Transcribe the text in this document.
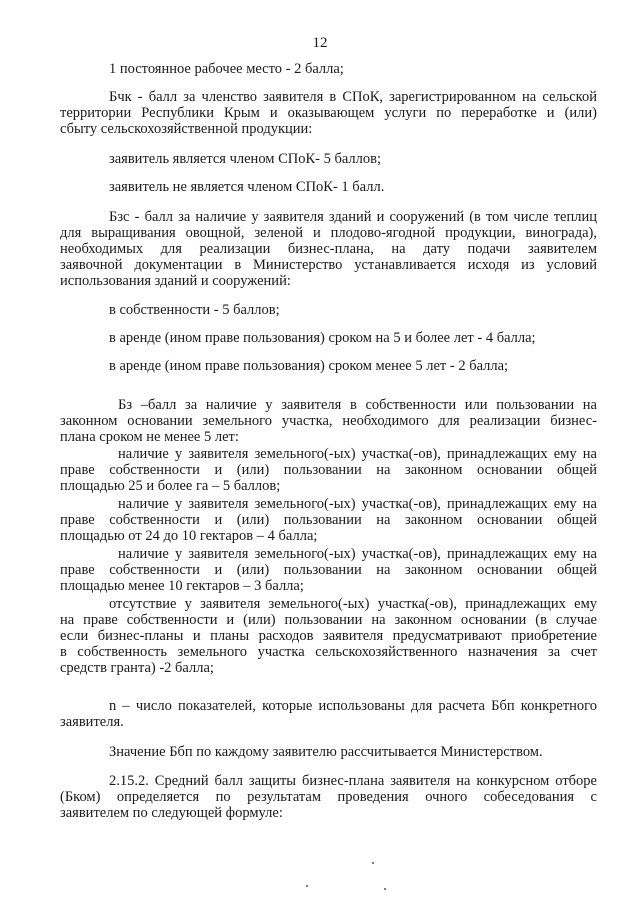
12
1 постоянное рабочее место - 2 балла;
Бчк - балл за членство заявителя в СПоК, зарегистрированном на сельской
территории Республики Крым и оказывающем услуги по переработке и (или)
сбыту сельскохозяйственной продукции:
заявитель является членом СПоК- 5 баллов;
заявитель не является членом СПоК- 1 балл.
Бзс - балл за наличие у заявителя зданий и сооружений (в том числе теплиц
для выращивания овощной, зеленой и плодово-ягодной продукции, винограда),
необходимых для реализации бизнес-плана, на дату подачи заявителем
заявочной документации в Министерство устанавливается исходя из условий
использования зданий и сооружений:
в собственности - 5 баллов;
в аренде (ином праве пользования) сроком на 5 и более лет - 4 балла;
в аренде (ином праве пользования) сроком менее 5 лет - 2 балла;
Бз –балл за наличие у заявителя в собственности или пользовании на
законном основании земельного участка, необходимого для реализации бизнес-
плана сроком не менее 5 лет:
наличие у заявителя земельного(-ых) участка(-ов), принадлежащих ему на
праве собственности и (или) пользовании на законном основании общей
площадью 25 и более га – 5 баллов;
наличие у заявителя земельного(-ых) участка(-ов), принадлежащих ему на
праве собственности и (или) пользовании на законном основании общей
площадью от 24 до 10 гектаров – 4 балла;
наличие у заявителя земельного(-ых) участка(-ов), принадлежащих ему на
праве собственности и (или) пользовании на законном основании общей
площадью менее 10 гектаров – 3 балла;
отсутствие у заявителя земельного(-ых) участка(-ов), принадлежащих ему
на праве собственности и (или) пользовании на законном основании (в случае
если бизнес-планы и планы расходов заявителя предусматривают приобретение
в собственность земельного участка сельскохозяйственного назначения за счет
средств гранта) -2 балла;
n – число показателей, которые использованы для расчета Ббп конкретного
заявителя.
Значение Ббп по каждому заявителю рассчитывается Министерством.
2.15.2. Средний балл защиты бизнес-плана заявителя на конкурсном отборе
(Бком) определяется по результатам проведения очного собеседования с
заявителем по следующей формуле:
